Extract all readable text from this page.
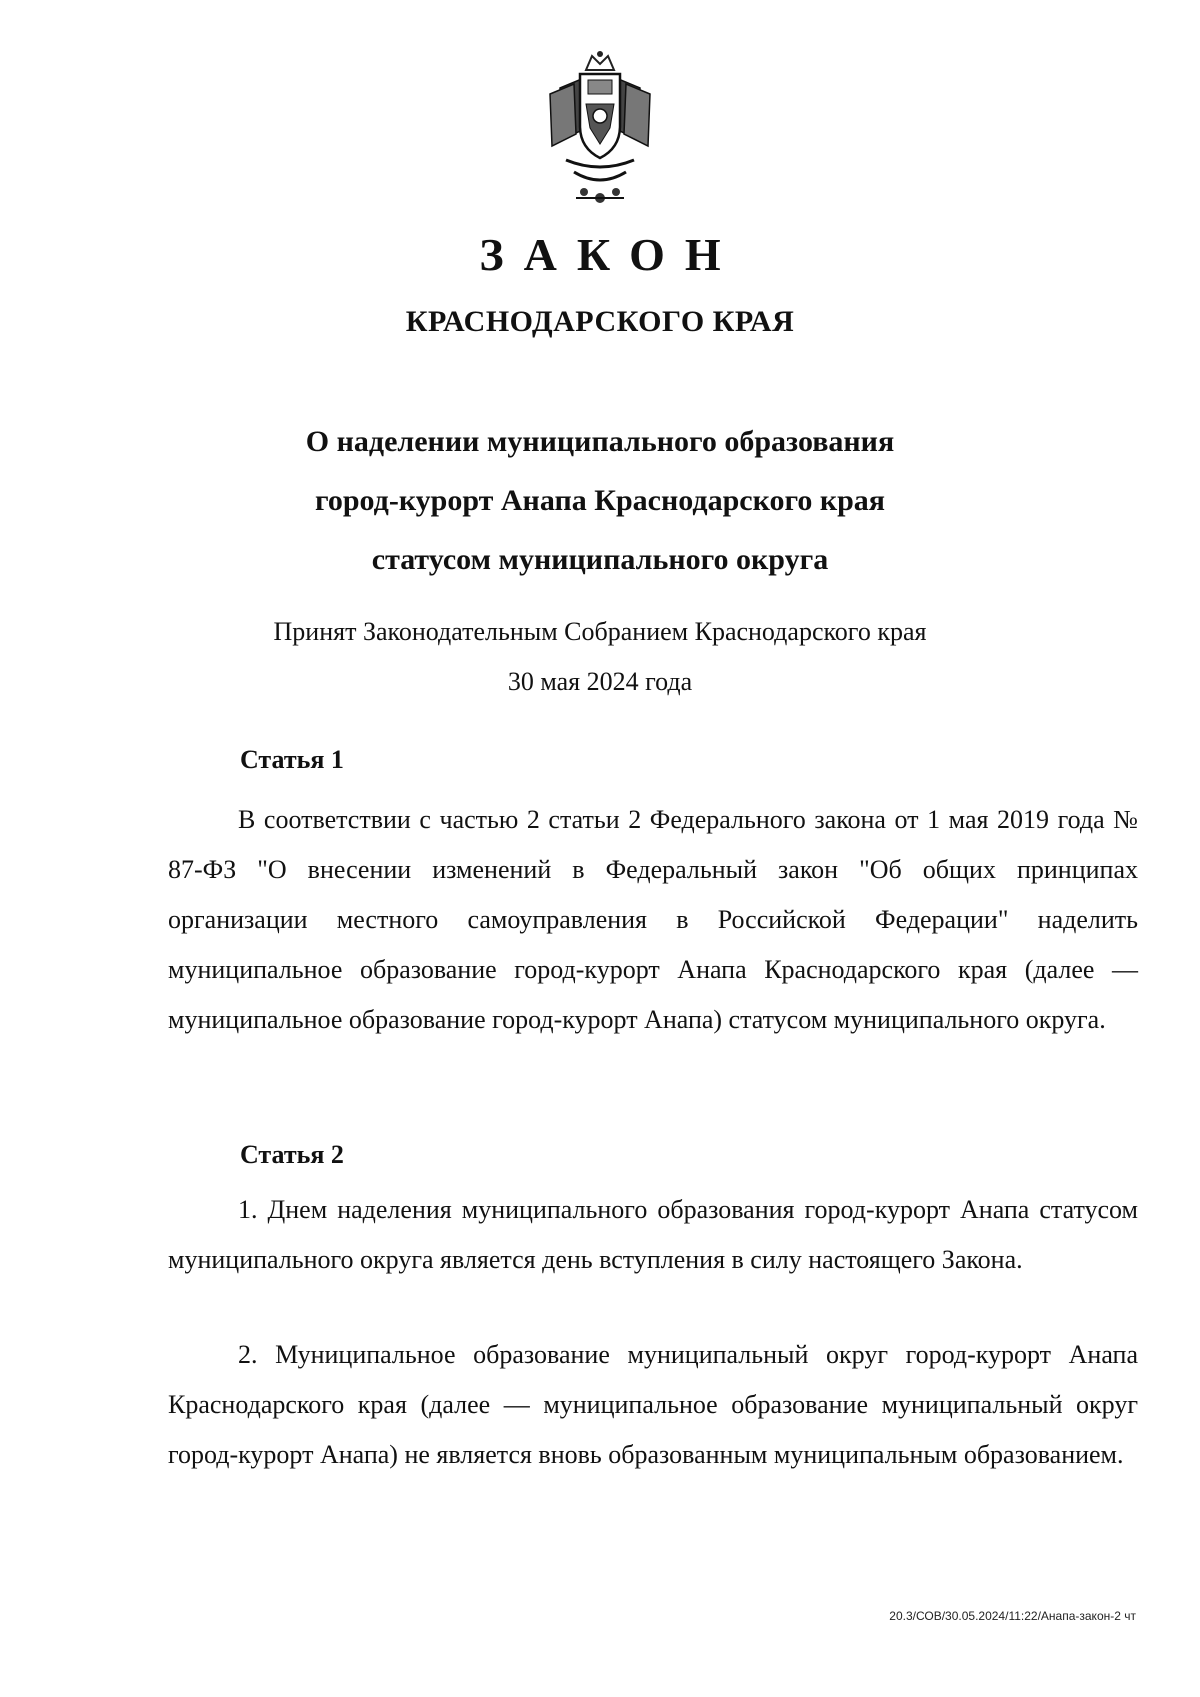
ЗАКОН
КРАСНОДАРСКОГО КРАЯ
О наделении муниципального образования
город-курорт Анапа Краснодарского края
статусом муниципального округа
Принят Законодательным Собранием Краснодарского края
30 мая 2024 года
Статья 1

В соответствии с частью 2 статьи 2 Федерального закона от 1 мая 2019 года № 87-ФЗ "О внесении изменений в Федеральный закон "Об общих принципах организации местного самоуправления в Российской Федерации" наделить муниципальное образование город-курорт Анапа Краснодарского края (далее — муниципальное образование город-курорт Анапа) статусом муниципального округа.

Статья 2

1. Днем наделения муниципального образования город-курорт Анапа статусом муниципального округа является день вступления в силу настоящего Закона.

2. Муниципальное образование муниципальный округ город-курорт Анапа Краснодарского края (далее — муниципальное образование муниципальный округ город-курорт Анапа) не является вновь образованным муниципальным образованием.

20.3/СОВ/30.05.2024/11:22/Анапа-закон-2 чт
